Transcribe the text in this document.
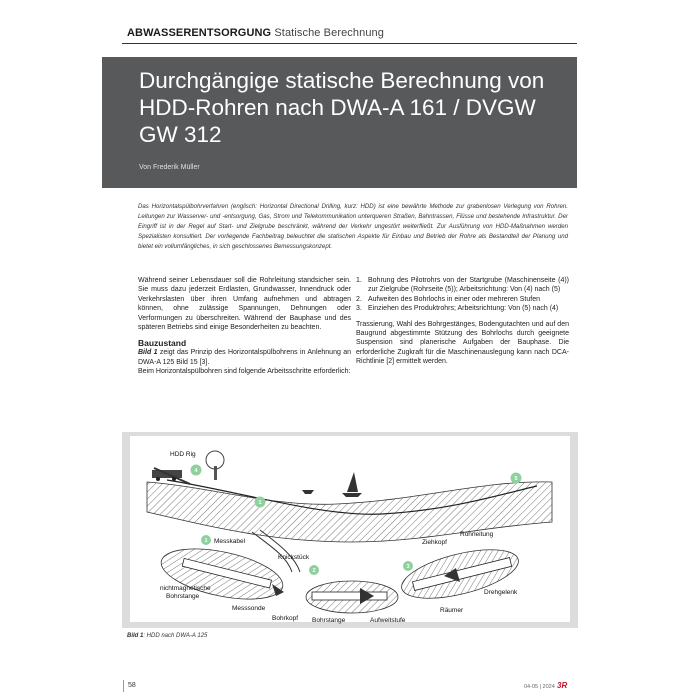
ABWASSERENTSORGUNG Statische Berechnung
Durchgängige statische Berechnung von HDD-Rohren nach DWA-A 161 / DVGW GW 312
Von Frederik Müller

Das Horizontalspülbohrverfahren (englisch: Horizontal Directional Drilling, kurz: HDD) ist eine bewährte Methode zur grabenlosen Verlegung von Rohren. Leitungen zur Wasserver- und -entsorgung, Gas, Strom und Telekommunikation unterqueren Straßen, Bahntrassen, Flüsse und bestehende Infrastruktur. Der Eingriff ist in der Regel auf Start- und Zielgrube beschränkt, während der Verkehr ungestört weiterfließt. Zur Ausführung von HDD-Maßnahmen werden Spezialisten konsultiert. Der vorliegende Fachbeitrag beleuchtet die statischen Aspekte für Einbau und Betrieb der Rohre als Bestandteil der Planung und bietet ein vollumfängliches, in sich geschlossenes Bemessungskonzept.

Während seiner Lebensdauer soll die Rohrleitung standsicher sein. Sie muss dazu jederzeit Erdlasten, Grundwasser, Innendruck oder Verkehrslasten über ihren Umfang aufnehmen und abtragen können, ohne zulässige Spannungen, Dehnungen oder Verformungen zu überschreiten. Während der Bauphase und des späteren Betriebs sind einige Besonderheiten zu beachten.

Bauzustand

Bild 1 zeigt das Prinzip des Horizontalspülbohrens in Anlehnung an DWA-A 125 Bild 15 [3].

Beim Horizontalspülbohren sind folgende Arbeitsschritte erforderlich:

1. Bohrung des Pilotrohrs von der Startgrube (Maschinenseite (4)) zur Zielgrube (Rohrseite (5)); Arbeitsrichtung: Von (4) nach (5)
2. Aufweiten des Bohrlochs in einer oder mehreren Stufen
3. Einziehen des Produktrohrs; Arbeitsrichtung: Von (5) nach (4)

Trassierung, Wahl des Bohrgestänges, Bodengutachten und auf den Baugrund abgestimmte Stützung des Bohrlochs durch geeignete Suspension sind planerische Aufgaben der Bauphase. Die erforderliche Zugkraft für die Maschinenauslegung kann nach DCA-Richtlinie [2] ermittelt werden.

4
1
5
1
2
3
HDD Rig
Messkabel
Knickstück
nichtmagnetische
Bohrstange
Messsonde
Bohrkopf Bohrstange	Aufweitstufe
Rohrleitung
Ziehkopf
Drehgelenk
Räumer
Bild 1: HDD nach DWA-A 125
58	04-05 | 2024 3R
